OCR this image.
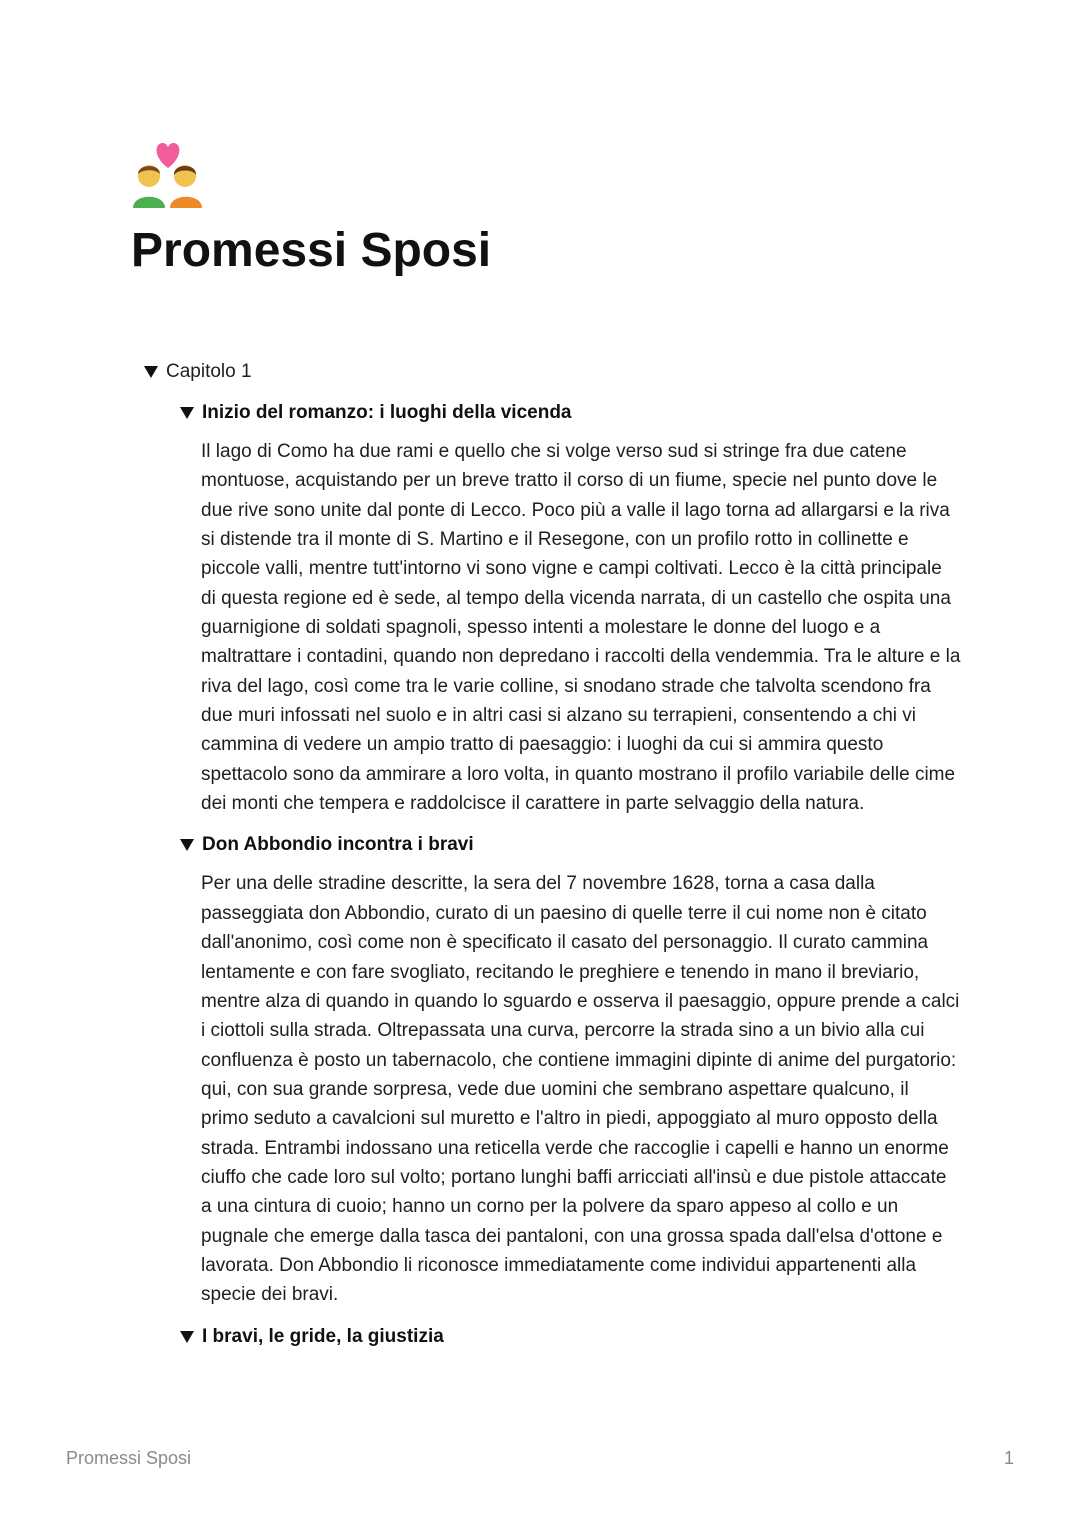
Promessi Sposi
Capitolo 1
Inizio del romanzo: i luoghi della vicenda

Il lago di Como ha due rami e quello che si volge verso sud si stringe fra due catene montuose, acquistando per un breve tratto il corso di un fiume, specie nel punto dove le due rive sono unite dal ponte di Lecco. Poco più a valle il lago torna ad allargarsi e la riva si distende tra il monte di S. Martino e il Resegone, con un profilo rotto in collinette e piccole valli, mentre tutt'intorno vi sono vigne e campi coltivati. Lecco è la città principale di questa regione ed è sede, al tempo della vicenda narrata, di un castello che ospita una guarnigione di soldati spagnoli, spesso intenti a molestare le donne del luogo e a maltrattare i contadini, quando non depredano i raccolti della vendemmia. Tra le alture e la riva del lago, così come tra le varie colline, si snodano strade che talvolta scendono fra due muri infossati nel suolo e in altri casi si alzano su terrapieni, consentendo a chi vi cammina di vedere un ampio tratto di paesaggio: i luoghi da cui si ammira questo spettacolo sono da ammirare a loro volta, in quanto mostrano il profilo variabile delle cime dei monti che tempera e raddolcisce il carattere in parte selvaggio della natura.

Don Abbondio incontra i bravi

Per una delle stradine descritte, la sera del 7 novembre 1628, torna a casa dalla passeggiata don Abbondio, curato di un paesino di quelle terre il cui nome non è citato dall'anonimo, così come non è specificato il casato del personaggio. Il curato cammina lentamente e con fare svogliato, recitando le preghiere e tenendo in mano il breviario, mentre alza di quando in quando lo sguardo e osserva il paesaggio, oppure prende a calci i ciottoli sulla strada. Oltrepassata una curva, percorre la strada sino a un bivio alla cui confluenza è posto un tabernacolo, che contiene immagini dipinte di anime del purgatorio: qui, con sua grande sorpresa, vede due uomini che sembrano aspettare qualcuno, il primo seduto a cavalcioni sul muretto e l'altro in piedi, appoggiato al muro opposto della strada. Entrambi indossano una reticella verde che raccoglie i capelli e hanno un enorme ciuffo che cade loro sul volto; portano lunghi baffi arricciati all'insù e due pistole attaccate a una cintura di cuoio; hanno un corno per la polvere da sparo appeso al collo e un pugnale che emerge dalla tasca dei pantaloni, con una grossa spada dall'elsa d'ottone e lavorata. Don Abbondio li riconosce immediatamente come individui appartenenti alla specie dei bravi.

I bravi, le gride, la giustizia
Promessi Sposi	1
